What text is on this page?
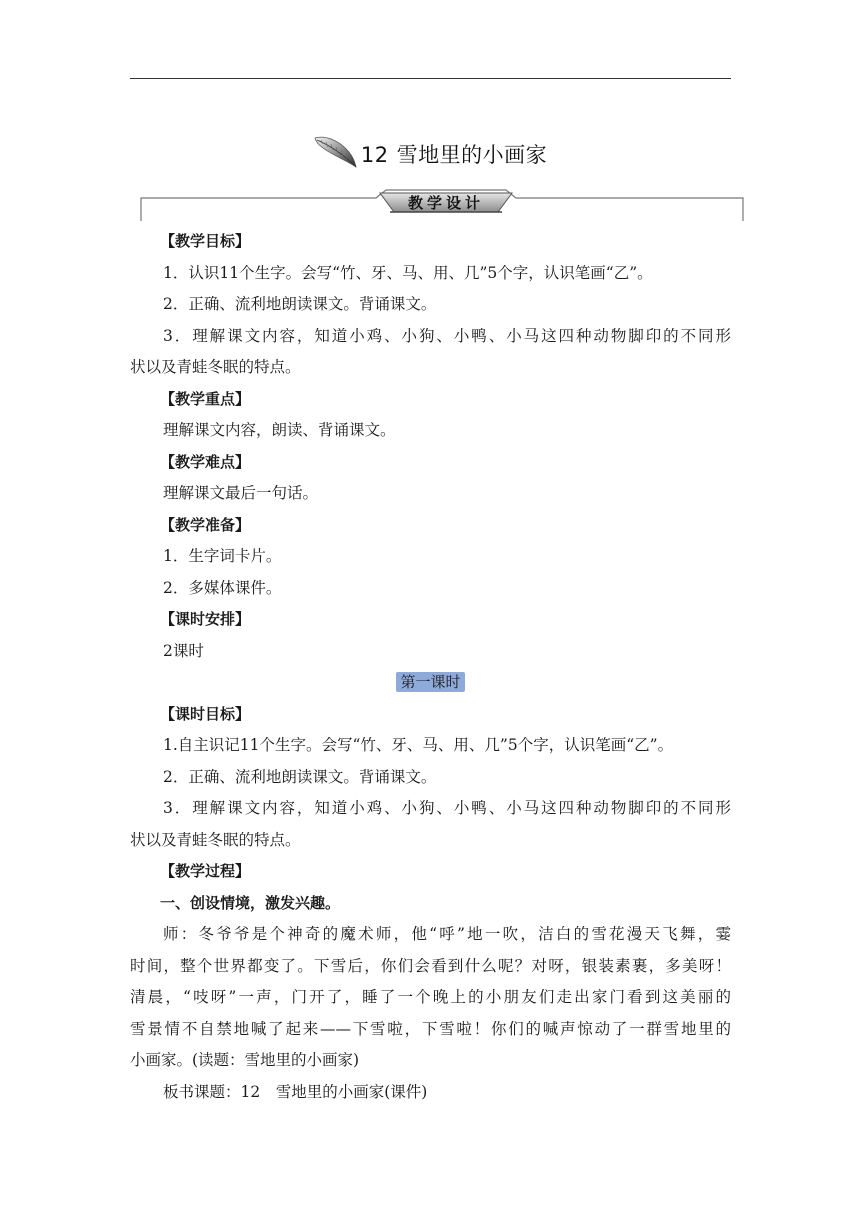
12 雪地里的小画家
教学设计
【教学目标】
1．认识11个生字。会写“竹、牙、马、用、几”5个字，认识笔画“乙”。
2．正确、流利地朗读课文。背诵课文。
3．理解课文内容，知道小鸡、小狗、小鸭、小马这四种动物脚印的不同形
状以及青蛙冬眠的特点。
【教学重点】
理解课文内容，朗读、背诵课文。
【教学难点】
理解课文最后一句话。
【教学准备】
1．生字词卡片。
2．多媒体课件。
【课时安排】
2课时
第一课时
【课时目标】
1.自主识记11个生字。会写“竹、牙、马、用、几”5个字，认识笔画“乙”。
2．正确、流利地朗读课文。背诵课文。
3．理解课文内容，知道小鸡、小狗、小鸭、小马这四种动物脚印的不同形
状以及青蛙冬眠的特点。
【教学过程】
一、创设情境，激发兴趣。
师：冬爷爷是个神奇的魔术师，他“呼”地一吹，洁白的雪花漫天飞舞，霎
时间，整个世界都变了。下雪后，你们会看到什么呢？对呀，银装素裹，多美呀！
清晨，“吱呀”一声，门开了，睡了一个晚上的小朋友们走出家门看到这美丽的
雪景情不自禁地喊了起来——下雪啦，下雪啦！你们的喊声惊动了一群雪地里的
小画家。(读题：雪地里的小画家)
板书课题：12　雪地里的小画家(课件)
